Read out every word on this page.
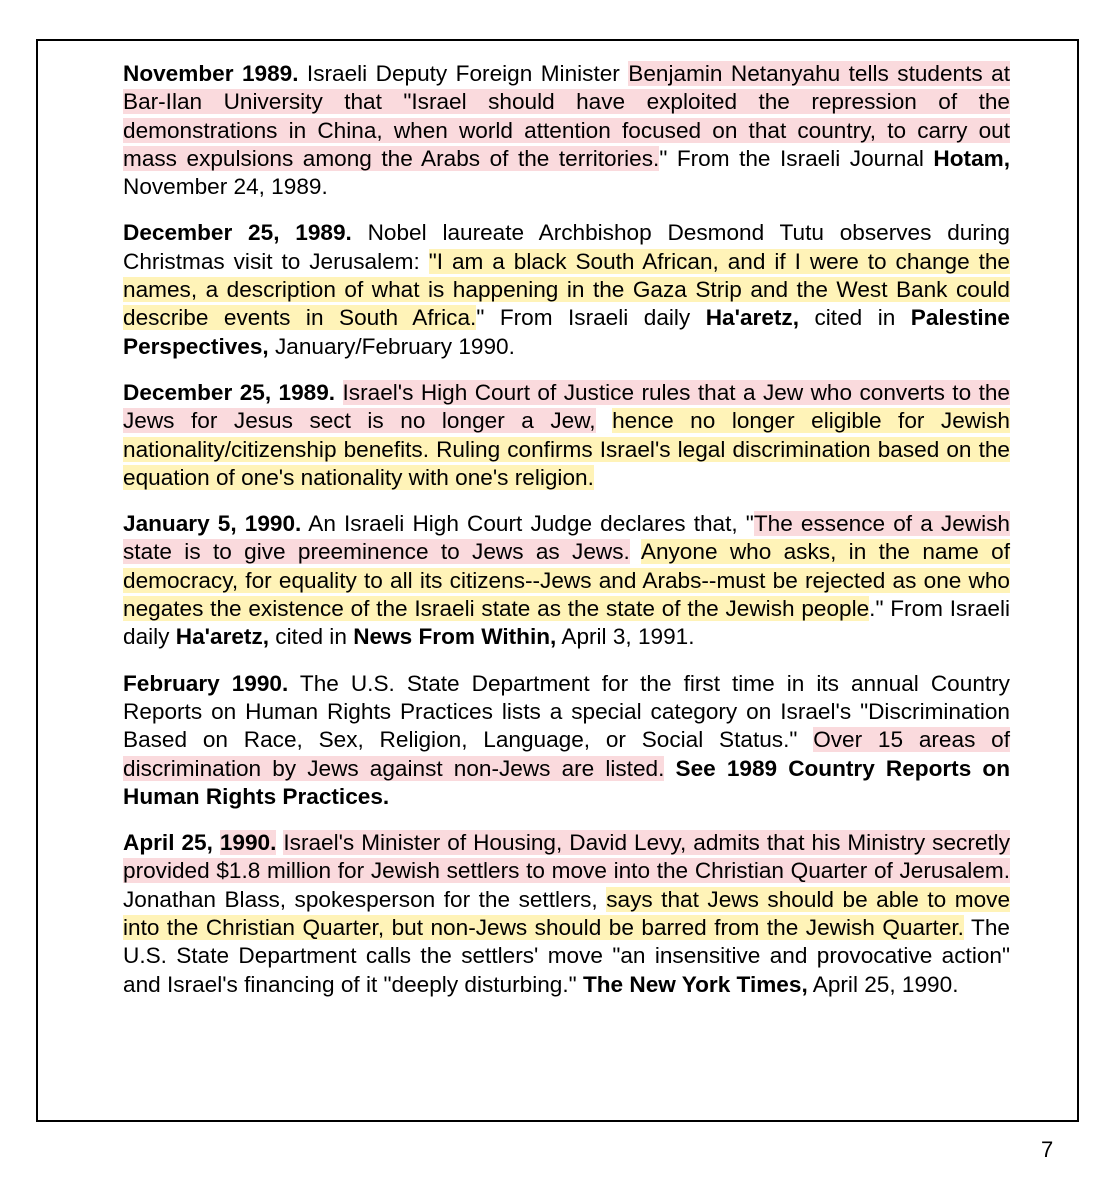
November 1989. Israeli Deputy Foreign Minister Benjamin Netanyahu tells students at Bar-Ilan University that "Israel should have exploited the repression of the demonstrations in China, when world attention focused on that country, to carry out mass expulsions among the Arabs of the territories." From the Israeli Journal Hotam, November 24, 1989.

December 25, 1989. Nobel laureate Archbishop Desmond Tutu observes during Christmas visit to Jerusalem: "I am a black South African, and if I were to change the names, a description of what is happening in the Gaza Strip and the West Bank could describe events in South Africa." From Israeli daily Ha'aretz, cited in Palestine Perspectives, January/February 1990.

December 25, 1989. Israel's High Court of Justice rules that a Jew who converts to the Jews for Jesus sect is no longer a Jew, hence no longer eligible for Jewish nationality/citizenship benefits. Ruling confirms Israel's legal discrimination based on the equation of one's nationality with one's religion.

January 5, 1990. An Israeli High Court Judge declares that, "The essence of a Jewish state is to give preeminence to Jews as Jews. Anyone who asks, in the name of democracy, for equality to all its citizens--Jews and Arabs--must be rejected as one who negates the existence of the Israeli state as the state of the Jewish people." From Israeli daily Ha'aretz, cited in News From Within, April 3, 1991.

February 1990. The U.S. State Department for the first time in its annual Country Reports on Human Rights Practices lists a special category on Israel's "Discrimination Based on Race, Sex, Religion, Language, or Social Status." Over 15 areas of discrimination by Jews against non-Jews are listed. See 1989 Country Reports on Human Rights Practices.

April 25, 1990. Israel's Minister of Housing, David Levy, admits that his Ministry secretly provided $1.8 million for Jewish settlers to move into the Christian Quarter of Jerusalem. Jonathan Blass, spokesperson for the settlers, says that Jews should be able to move into the Christian Quarter, but non-Jews should be barred from the Jewish Quarter. The U.S. State Department calls the settlers' move "an insensitive and provocative action" and Israel's financing of it "deeply disturbing." The New York Times, April 25, 1990.

7
